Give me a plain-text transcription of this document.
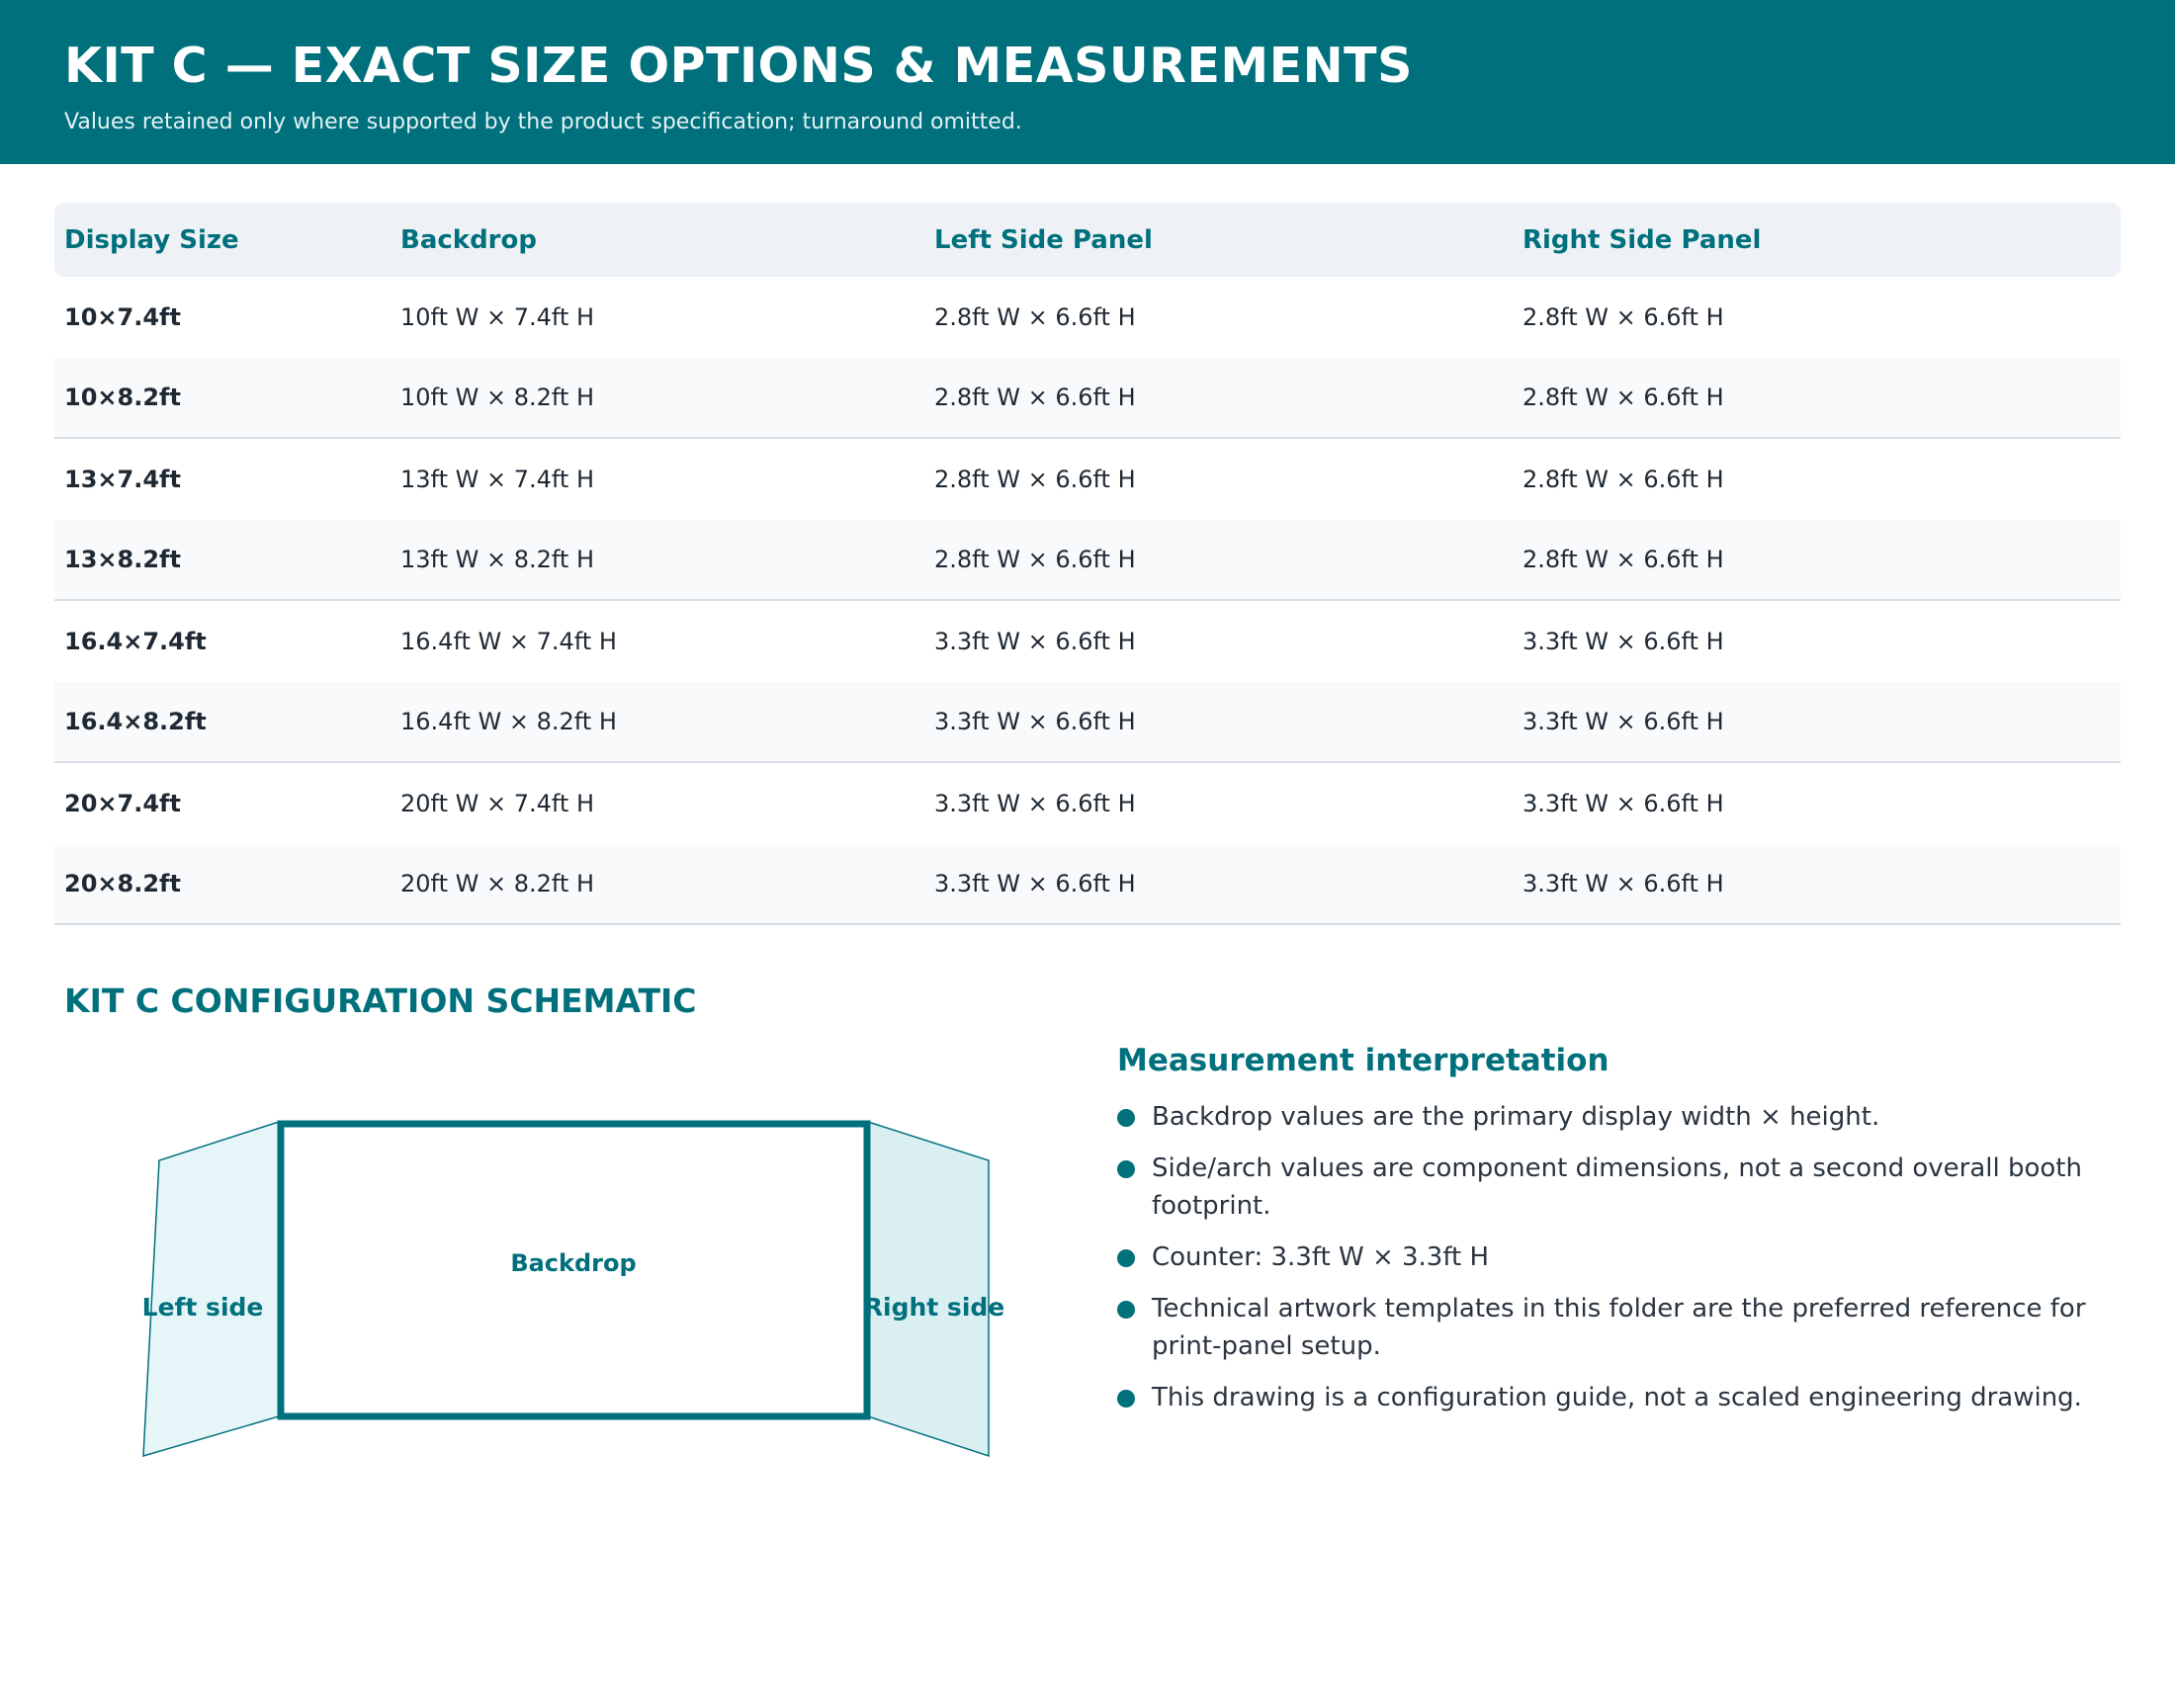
KIT C — EXACT SIZE OPTIONS & MEASUREMENTS
Values retained only where supported by the product specification; turnaround omitted.
Display Size	Backdrop	Left Side Panel	Right Side Panel
10×7.4ft	10ft W × 7.4ft H	2.8ft W × 6.6ft H	2.8ft W × 6.6ft H
10×8.2ft	10ft W × 8.2ft H	2.8ft W × 6.6ft H	2.8ft W × 6.6ft H
13×7.4ft	13ft W × 7.4ft H	2.8ft W × 6.6ft H	2.8ft W × 6.6ft H
13×8.2ft	13ft W × 8.2ft H	2.8ft W × 6.6ft H	2.8ft W × 6.6ft H
16.4×7.4ft	16.4ft W × 7.4ft H	3.3ft W × 6.6ft H	3.3ft W × 6.6ft H
16.4×8.2ft	16.4ft W × 8.2ft H	3.3ft W × 6.6ft H	3.3ft W × 6.6ft H
20×7.4ft	20ft W × 7.4ft H	3.3ft W × 6.6ft H	3.3ft W × 6.6ft H
20×8.2ft	20ft W × 8.2ft H	3.3ft W × 6.6ft H	3.3ft W × 6.6ft H
KIT C CONFIGURATION SCHEMATIC
Backdrop
Left side	Right side
Measurement interpretation
Backdrop values are the primary display width × height.
Side/arch values are component dimensions, not a second overall booth footprint.
Counter: 3.3ft W × 3.3ft H
Technical artwork templates in this folder are the preferred reference for print-panel setup.
This drawing is a configuration guide, not a scaled engineering drawing.
